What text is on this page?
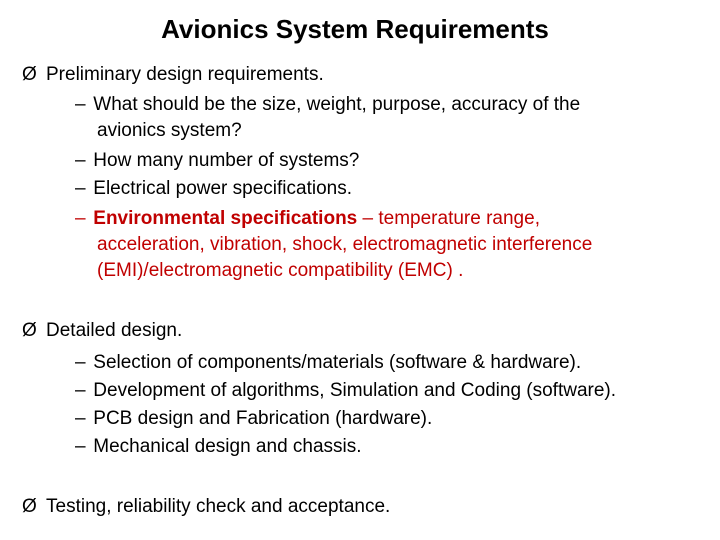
Avionics System Requirements
Ø Preliminary design requirements.
– What should be the size, weight, purpose, accuracy of the
avionics system?
– How many number of systems?
– Electrical power specifications.
– Environmental specifications – temperature range,
acceleration, vibration, shock, electromagnetic interference
(EMI)/electromagnetic compatibility (EMC) .
Ø Detailed design.
– Selection of components/materials (software & hardware).
– Development of algorithms, Simulation and Coding (software).
– PCB design and Fabrication (hardware).
– Mechanical design and chassis.
Ø Testing, reliability check and acceptance.
